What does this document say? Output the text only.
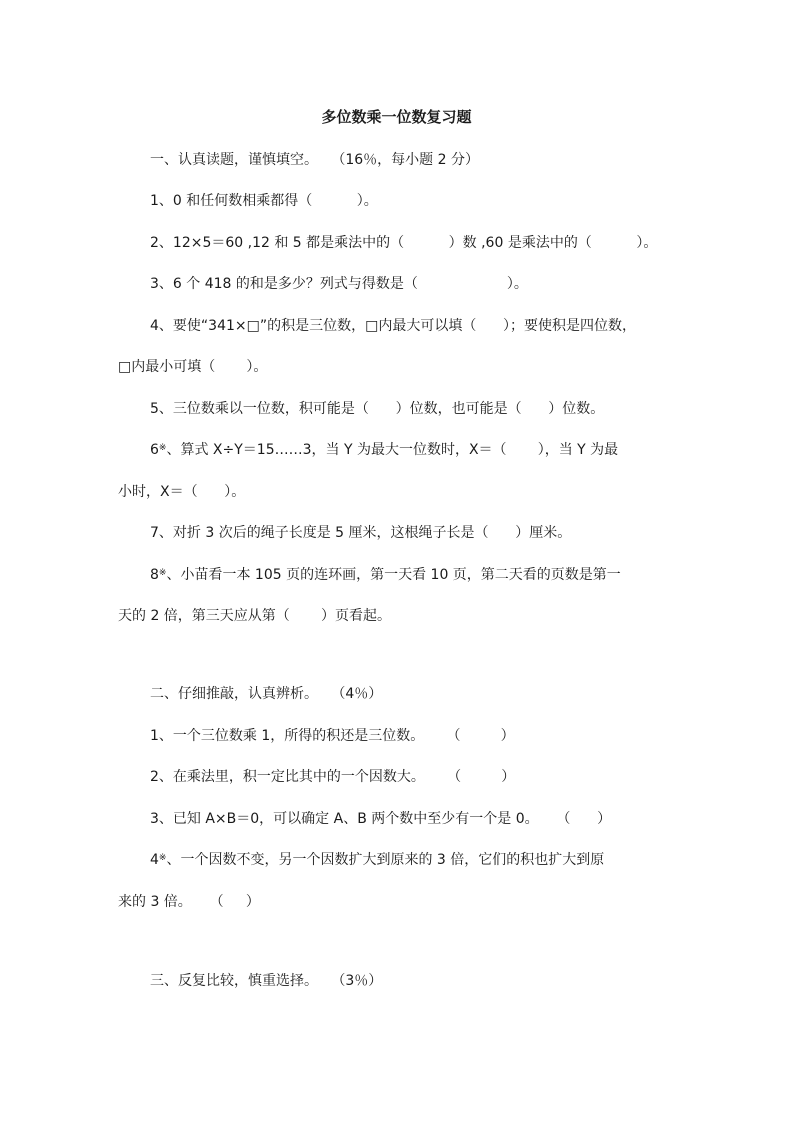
多位数乘一位数复习题
一、认真读题，谨慎填空。   （16％，每小题 2 分）
1、0 和任何数相乘都得（          ）。
2、12×5＝60 ,12 和 5 都是乘法中的（          ）数 ,60 是乘法中的（          ）。
3、6 个 418 的和是多少？列式与得数是（                    ）。
4、要使“341×□”的积是三位数，□内最大可以填（      ）；要使积是四位数，
□内最小可填（       ）。
5、三位数乘以一位数，积可能是（      ）位数，也可能是（      ）位数。
6※、算式 X÷Y＝15……3，当 Y 为最大一位数时，X＝（       ），当 Y 为最
小时，X＝（      ）。
7、对折 3 次后的绳子长度是 5 厘米，这根绳子长是（      ）厘米。
8※、小苗看一本 105 页的连环画，第一天看 10 页，第二天看的页数是第一
天的 2 倍，第三天应从第（       ）页看起。
二、仔细推敲，认真辨析。   （4％）
1、一个三位数乘 1，所得的积还是三位数。     （         ）
2、在乘法里，积一定比其中的一个因数大。     （         ）
3、已知 A×B＝0，可以确定 A、B 两个数中至少有一个是 0。    （      ）
4※、一个因数不变，另一个因数扩大到原来的 3 倍，它们的积也扩大到原
来的 3 倍。    （     ）
三、反复比较，慎重选择。   （3％）
